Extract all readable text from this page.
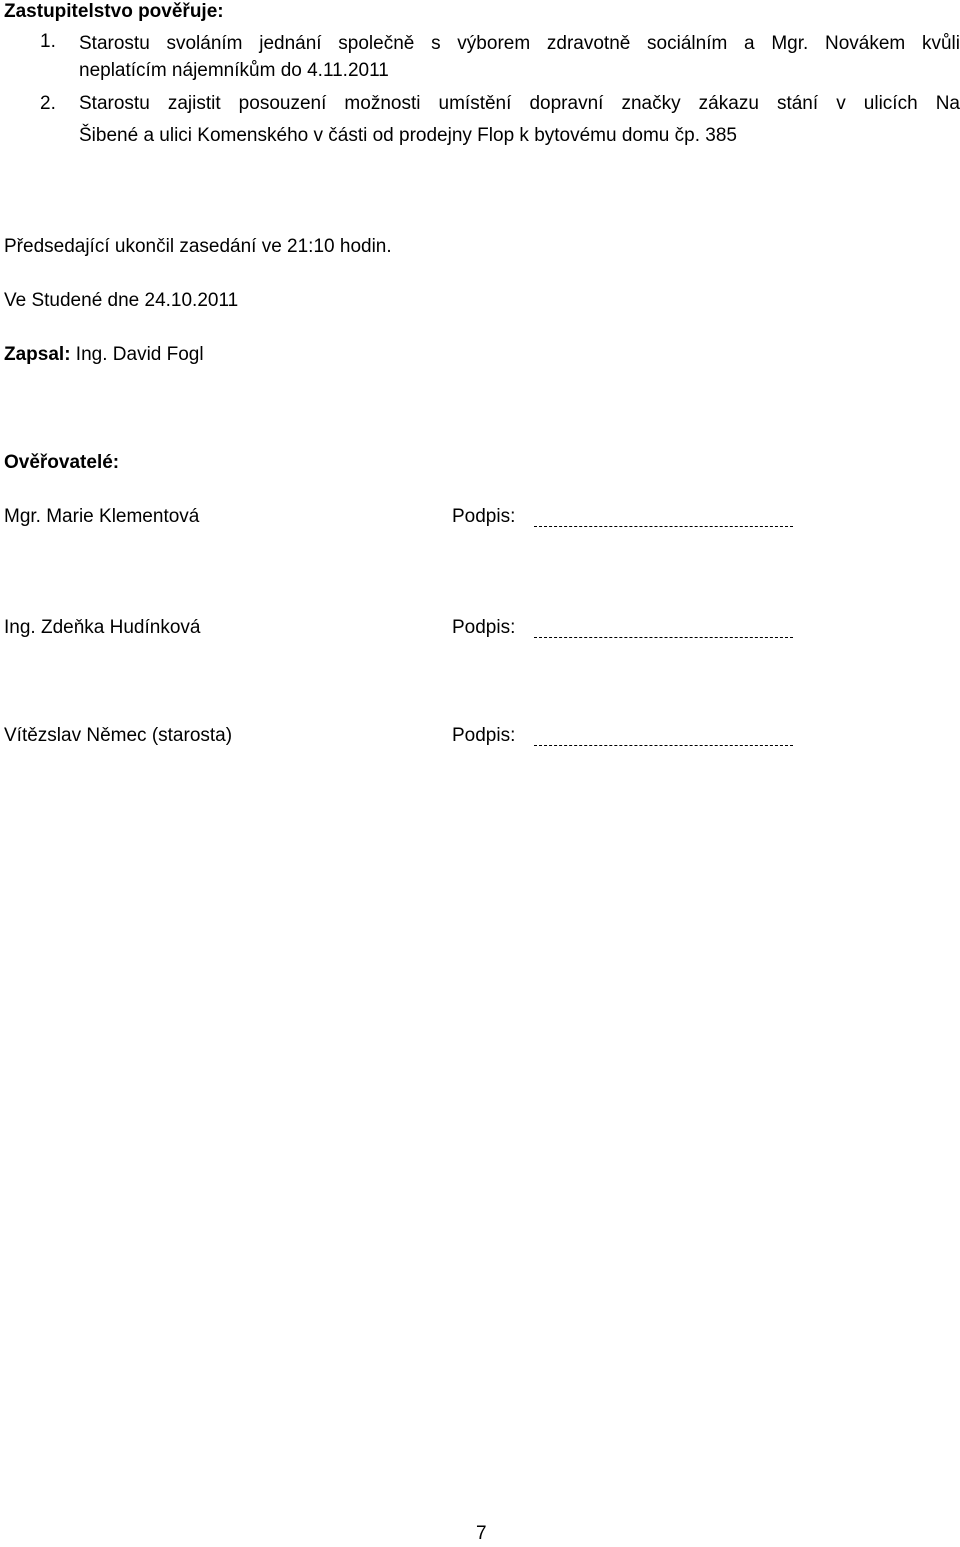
Zastupitelstvo pověřuje:
1. Starostu svoláním jednání společně s výborem zdravotně sociálním a Mgr. Novákem kvůli
neplatícím nájemníkům do 4.11.2011
2. Starostu zajistit posouzení možnosti umístění dopravní značky zákazu stání v ulicích Na
Šibené a ulici Komenského v části od prodejny Flop k bytovému domu čp. 385
Předsedající ukončil zasedání ve 21:10 hodin.
Ve Studené dne 24.10.2011
Zapsal: Ing. David Fogl
Ověřovatelé:
Mgr. Marie Klementová	Podpis:
Ing. Zdeňka Hudínková	Podpis:
Vítězslav Němec (starosta)	Podpis:
7
